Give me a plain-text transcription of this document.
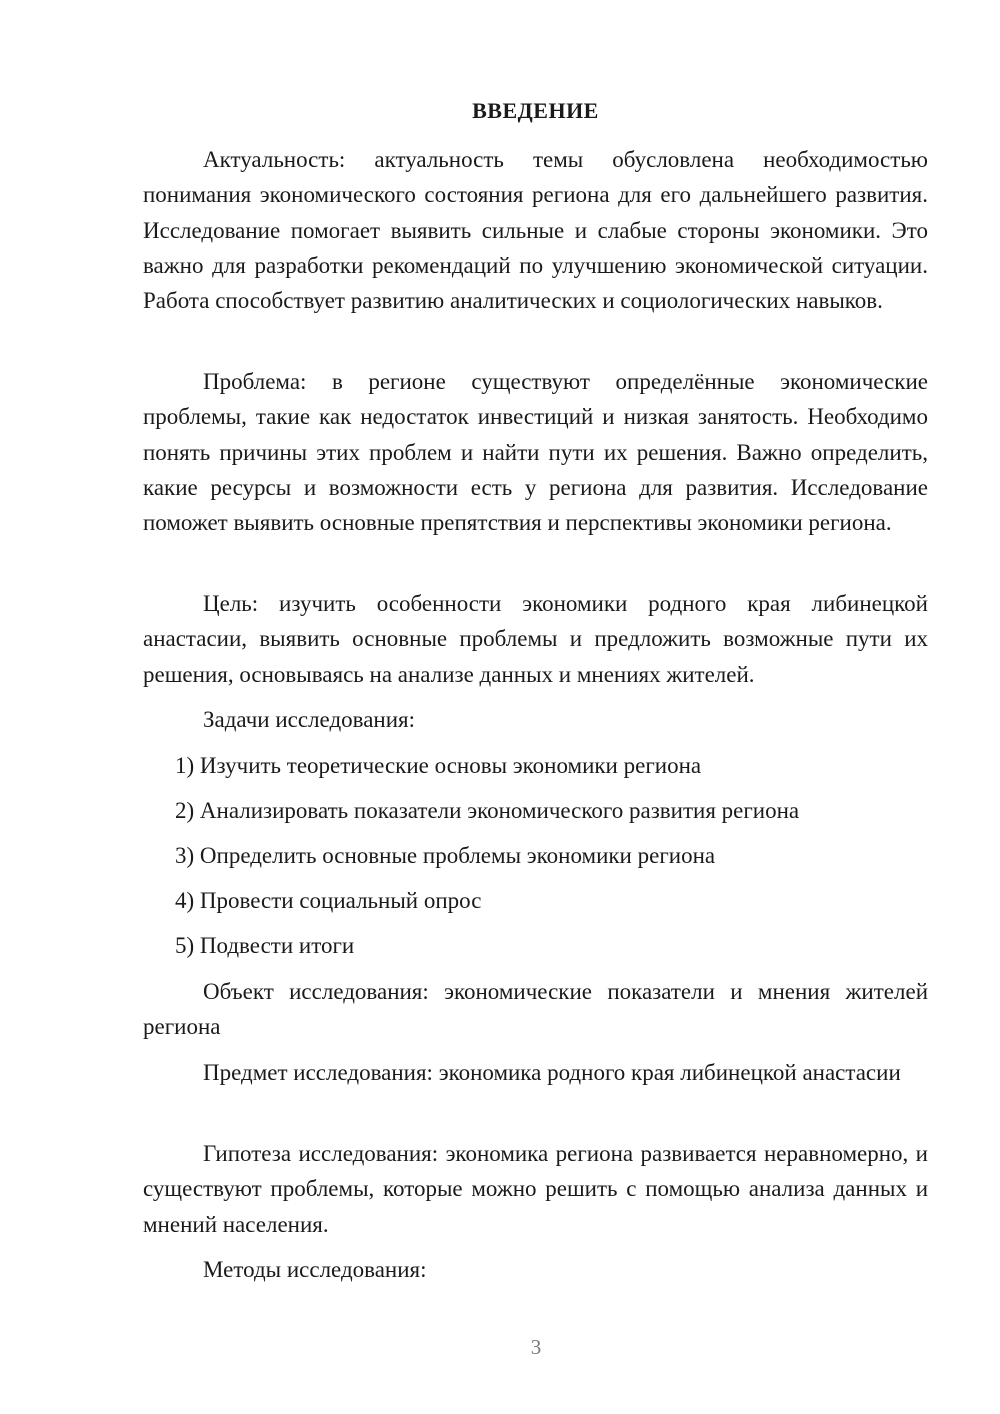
ВВЕДЕНИЕ

Актуальность: актуальность темы обусловлена необходимостью понимания экономического состояния региона для его дальнейшего развития. Исследование помогает выявить сильные и слабые стороны экономики. Это важно для разработки рекомендаций по улучшению экономической ситуации. Работа способствует развитию аналитических и социологических навыков.

Проблема: в регионе существуют определённые экономические проблемы, такие как недостаток инвестиций и низкая занятость. Необходимо понять причины этих проблем и найти пути их решения. Важно определить, какие ресурсы и возможности есть у региона для развития. Исследование поможет выявить основные препятствия и перспективы экономики региона.

Цель: изучить особенности экономики родного края либинецкой анастасии, выявить основные проблемы и предложить возможные пути их решения, основываясь на анализе данных и мнениях жителей.

Задачи исследования:

1) Изучить теоретические основы экономики региона

2) Анализировать показатели экономического развития региона

3) Определить основные проблемы экономики региона

4) Провести социальный опрос

5) Подвести итоги

Объект исследования: экономические показатели и мнения жителей региона

Предмет исследования: экономика родного края либинецкой анастасии

Гипотеза исследования: экономика региона развивается неравномерно, и существуют проблемы, которые можно решить с помощью анализа данных и мнений населения.

Методы исследования:

3
